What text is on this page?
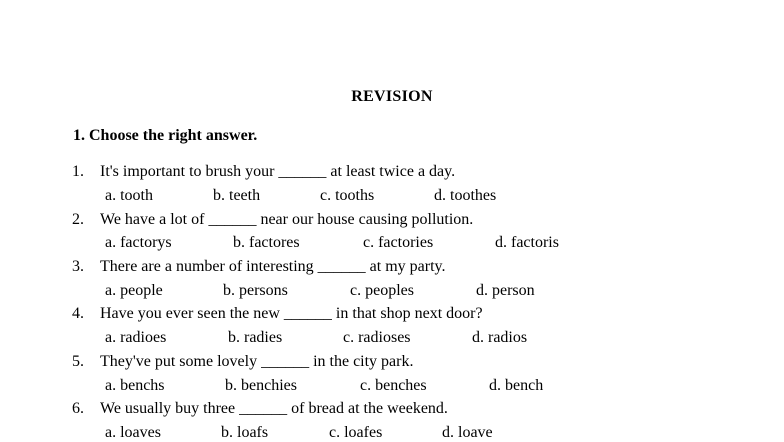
REVISION
1. Choose the right answer.
1. It's important to brush your ______ at least twice a day.
a. tooth	b. teeth	c. tooths	d. toothes
2. We have a lot of ______ near our house causing pollution.
a. factorys	b. factores	c. factories	d. factoris
3. There are a number of interesting ______ at my party.
a. people	b. persons	c. peoples	d. person
4. Have you ever seen the new ______ in that shop next door?
a. radioes	b. radies	c. radioses	d. radios
5. They've put some lovely ______ in the city park.
a. benchs	b. benchies	c. benches	d. bench
6. We usually buy three ______ of bread at the weekend.
a. loaves	b. loafs	c. loafes	d. loave
